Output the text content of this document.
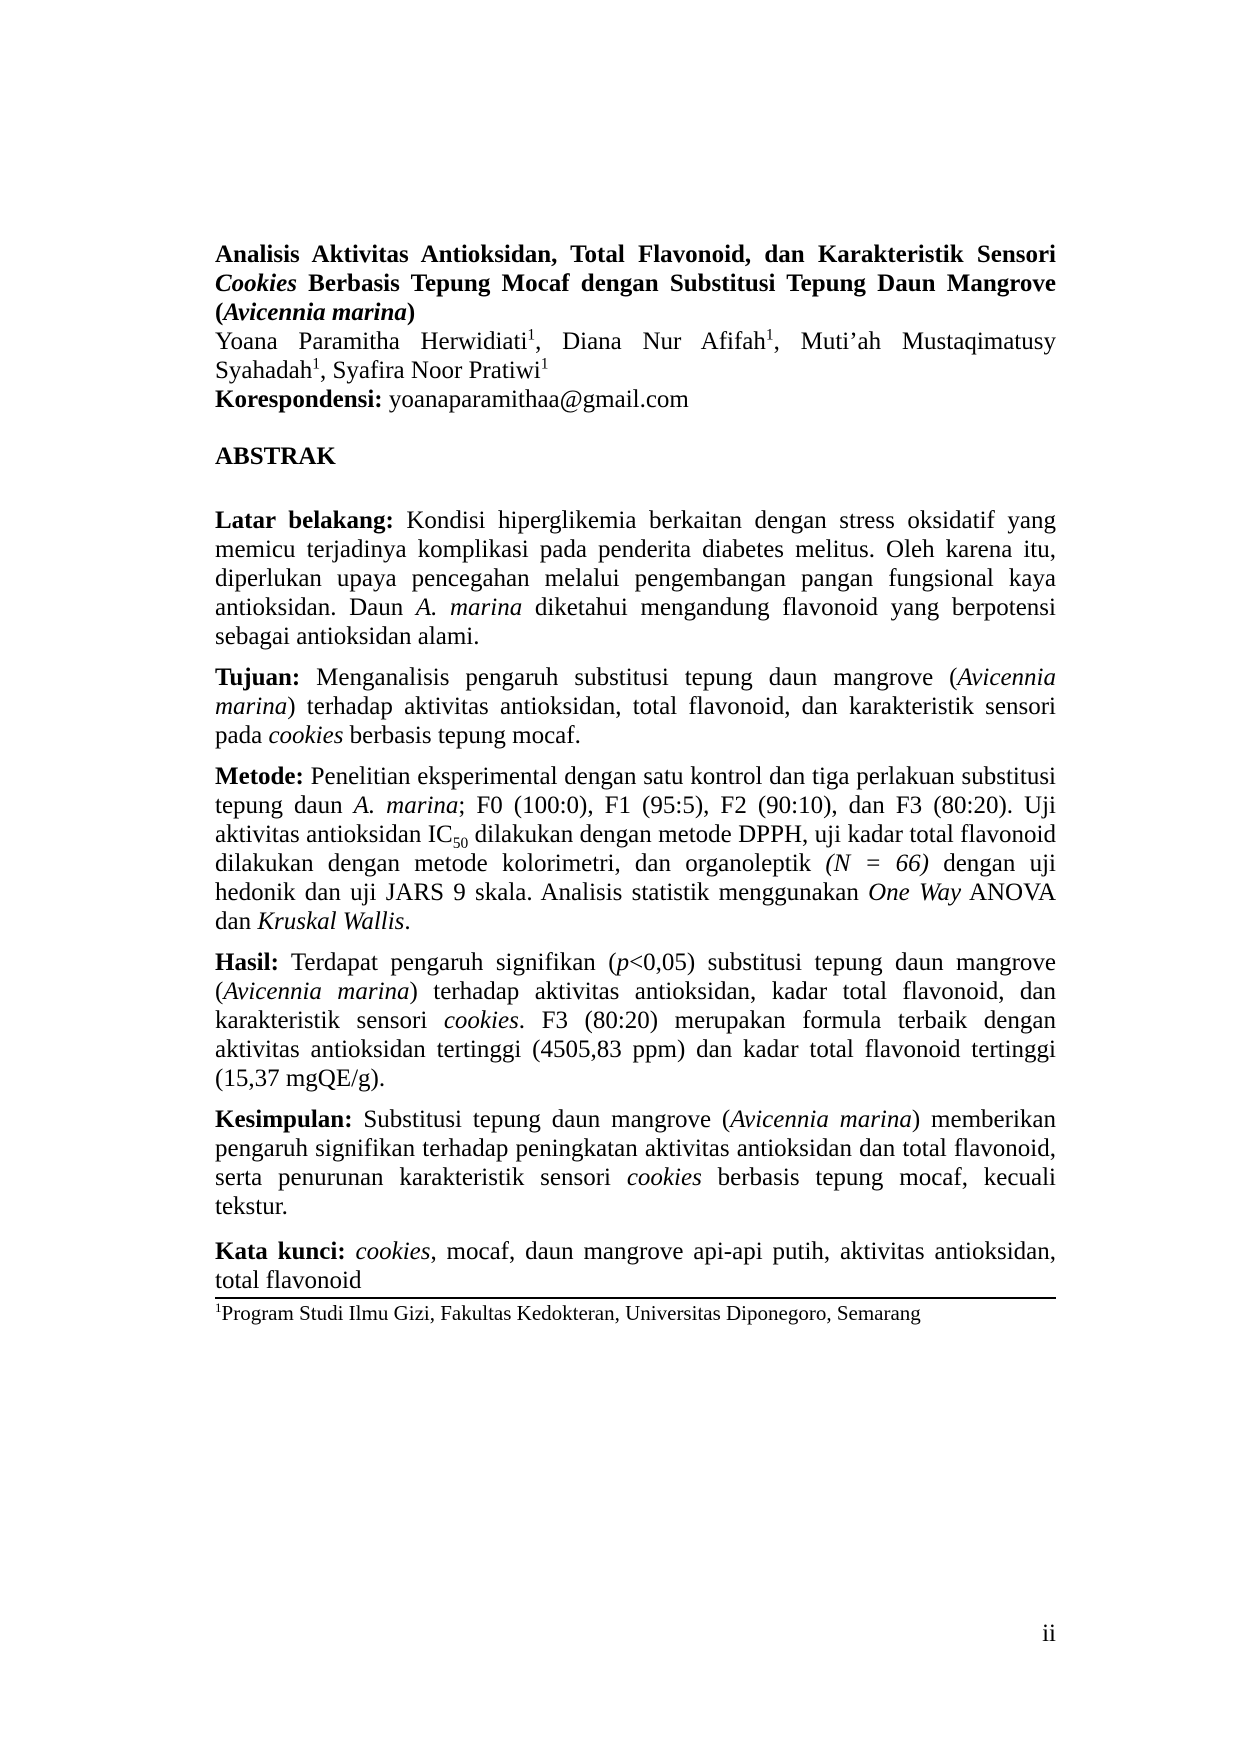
Analisis Aktivitas Antioksidan, Total Flavonoid, dan Karakteristik Sensori Cookies Berbasis Tepung Mocaf dengan Substitusi Tepung Daun Mangrove (Avicennia marina)

Yoana Paramitha Herwidiati$^1$, Diana Nur Afifah$^1$, Muti’ah Mustaqimatusy Syahadah$^1$, Syafira Noor Pratiwi$^1$

Korespondensi: yoanaparamithaa@gmail.com

ABSTRAK

Latar belakang: Kondisi hiperglikemia berkaitan dengan stress oksidatif yang memicu terjadinya komplikasi pada penderita diabetes melitus. Oleh karena itu, diperlukan upaya pencegahan melalui pengembangan pangan fungsional kaya antioksidan. Daun A. marina diketahui mengandung flavonoid yang berpotensi sebagai antioksidan alami.

Tujuan: Menganalisis pengaruh substitusi tepung daun mangrove (Avicennia marina) terhadap aktivitas antioksidan, total flavonoid, dan karakteristik sensori pada cookies berbasis tepung mocaf.

Metode: Penelitian eksperimental dengan satu kontrol dan tiga perlakuan substitusi tepung daun A. marina; F0 (100:0), F1 (95:5), F2 (90:10), dan F3 (80:20). Uji aktivitas antioksidan $IC_{50}$ dilakukan dengan metode DPPH, uji kadar total flavonoid dilakukan dengan metode kolorimetri, dan organoleptik (N = 66) dengan uji hedonik dan uji JARS 9 skala. Analisis statistik menggunakan One Way ANOVA dan Kruskal Wallis.

Hasil: Terdapat pengaruh signifikan (p<0,05) substitusi tepung daun mangrove (Avicennia marina) terhadap aktivitas antioksidan, kadar total flavonoid, dan karakteristik sensori cookies. F3 (80:20) merupakan formula terbaik dengan aktivitas antioksidan tertinggi (4505,83 ppm) dan kadar total flavonoid tertinggi (15,37 mgQE/g).

Kesimpulan: Substitusi tepung daun mangrove (Avicennia marina) memberikan pengaruh signifikan terhadap peningkatan aktivitas antioksidan dan total flavonoid, serta penurunan karakteristik sensori cookies berbasis tepung mocaf, kecuali tekstur.

Kata kunci: cookies, mocaf, daun mangrove api-api putih, aktivitas antioksidan, total flavonoid

$^1$Program Studi Ilmu Gizi, Fakultas Kedokteran, Universitas Diponegoro, Semarang

ii
